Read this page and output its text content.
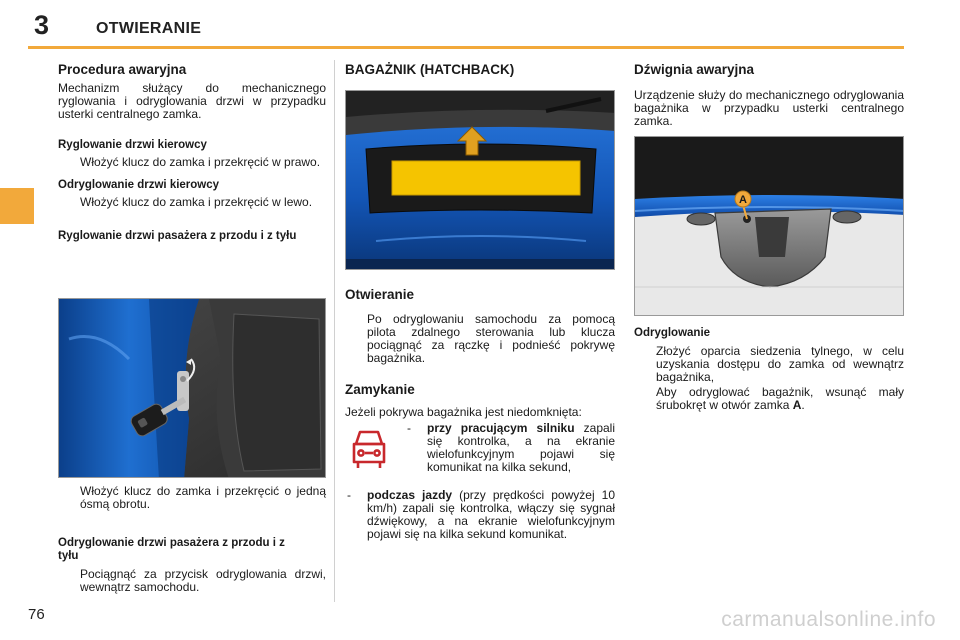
3	OTWIERANIE
Procedura awaryjna
Mechanizm służący do mechanicznego ryglowania i odryglowania drzwi w przypadku usterki centralnego zamka.
Ryglowanie drzwi kierowcy
Włożyć klucz do zamka i przekręcić w prawo.
Odryglowanie drzwi kierowcy
Włożyć klucz do zamka i przekręcić w lewo.
Ryglowanie drzwi pasażera z przodu i z tyłu
Włożyć klucz do zamka i przekręcić o jedną ósmą obrotu.
Odryglowanie drzwi pasażera z przodu i z tyłu
Pociągnąć za przycisk odryglowania drzwi, wewnątrz samochodu.
BAGAŻNIK (HATCHBACK)
Otwieranie
Po odryglowaniu samochodu za pomocą pilota zdalnego sterowania lub klucza pociągnąć za rączkę i podnieść pokrywę bagażnika.
Zamykanie
Jeżeli pokrywa bagażnika jest niedomknięta:
- przy pracującym silniku zapali się kontrolka, a na ekranie wielofunkcyjnym pojawi się komunikat na kilka sekund,
- podczas jazdy (przy prędkości powyżej 10 km/h) zapali się kontrolka, włączy się sygnał dźwiękowy, a na ekranie wielofunkcyjnym pojawi się na kilka sekund komunikat.
Dźwignia awaryjna
Urządzenie służy do mechanicznego odryglowania bagażnika w przypadku usterki centralnego zamka.
A
Odryglowanie
Złożyć oparcia siedzenia tylnego, w celu uzyskania dostępu do zamka od wewnątrz bagażnika,
Aby odryglować bagażnik, wsunąć mały śrubokręt w otwór zamka A.
76	carmanualsonline.info
